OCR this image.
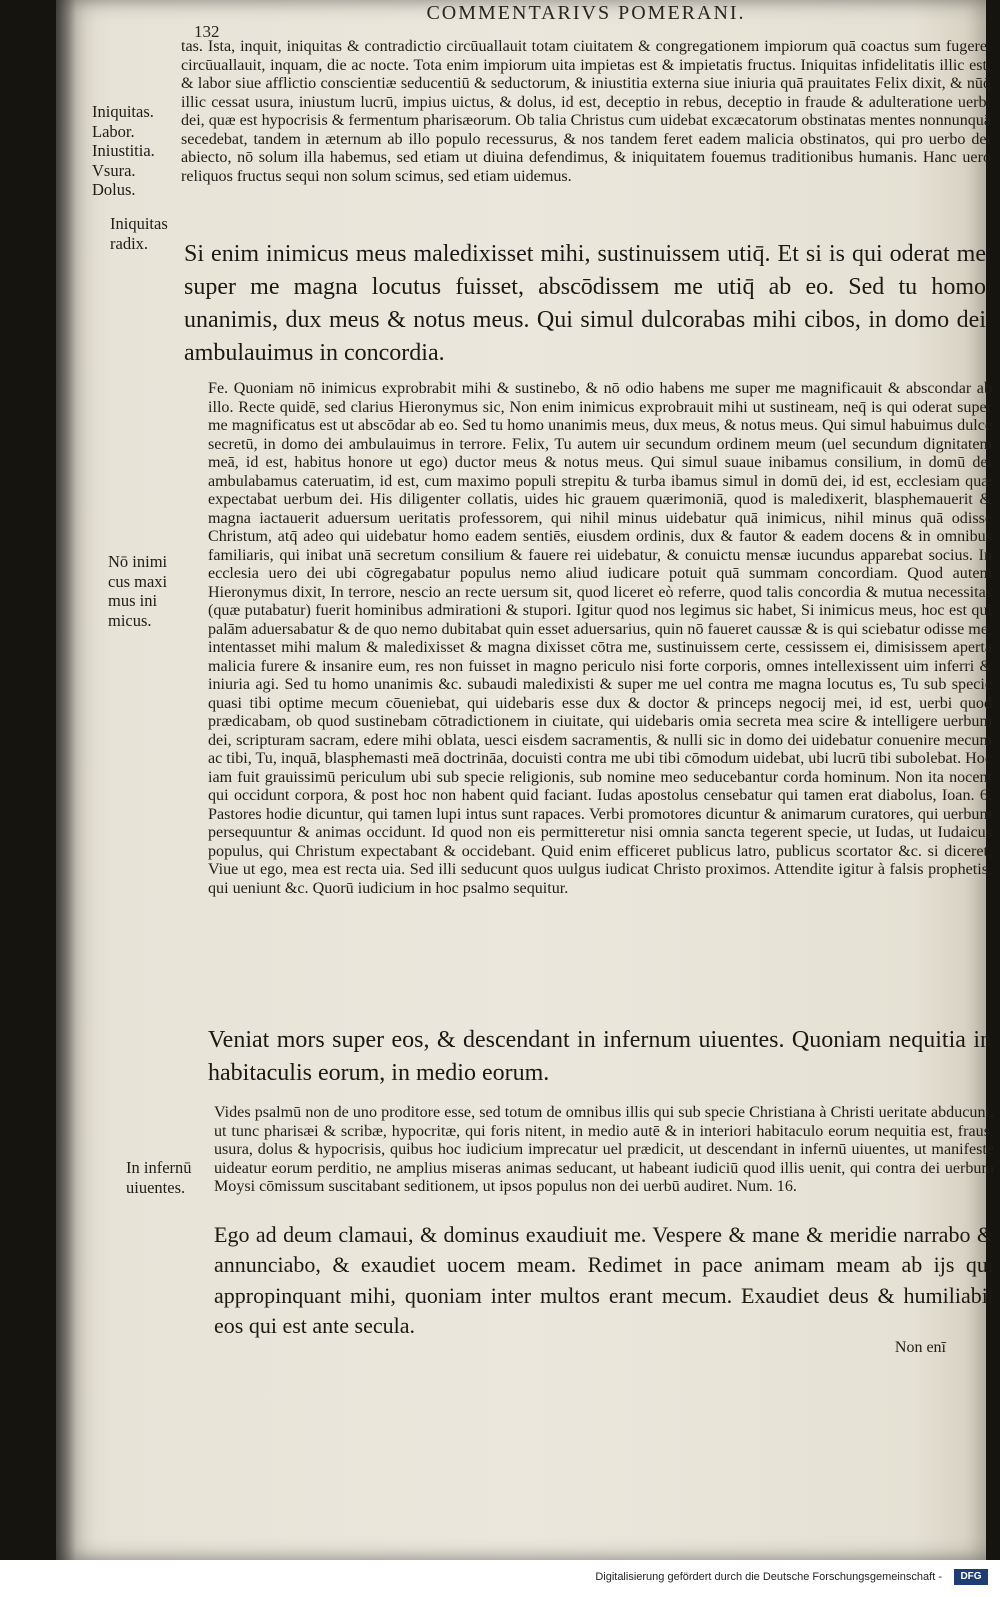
COMMENTARIVS POMERANI.
132
Iniquitas.
Labor.
Iniustitia.
Vsura.
Dolus.
Iniquitas
radix.
Nō inimi
cus maxi
mus ini
micus.
In infernū
uiuentes.

tas. Ista, inquit, iniquitas & contradictio circūuallauit totam ciuitatem & congregationem impiorum quā coactus sum fugere, circūuallauit, inquam, die ac nocte. Tota enim impiorum uita impietas est & impietatis fructus. Iniquitas infidelitatis illic est, & labor siue afflictio conscientiæ seducentiū & seductorum, & iniustitia externa siue iniuria quā prauitates Felix dixit, & nūq̄ illic cessat usura, iniustum lucrū, impius uictus, & dolus, id est, deceptio in rebus, deceptio in fraude & adulteratione uerbi dei, quæ est hypocrisis & fermentum pharisæorum. Ob talia Christus cum uidebat excæcatorum obstinatas mentes nonnunquā secedebat, tandem in æternum ab illo populo recessurus, & nos tandem feret eadem malicia obstinatos, qui pro uerbo dei abiecto, nō solum illa habemus, sed etiam ut diuina defendimus, & iniquitatem fouemus traditionibus humanis. Hanc uero reliquos fructus sequi non solum scimus, sed etiam uidemus.

Si enim inimicus meus maledixisset mihi, sustinuissem utiq̄. Et si is qui oderat me super me magna locutus fuisset, abscōdissem me utiq̄ ab eo. Sed tu homo unanimis, dux meus & notus meus. Qui simul dulcorabas mihi cibos, in domo dei ambulauimus in concordia.

Fe. Quoniam nō inimicus exprobrabit mihi & sustinebo, & nō odio habens me super me magnificauit & abscondar ab illo. Recte quidē, sed clarius Hieronymus sic, Non enim inimicus exprobrauit mihi ut sustineam, neq̄ is qui oderat super me magnificatus est ut abscōdar ab eo. Sed tu homo unanimis meus, dux meus, & notus meus. Qui simul habuimus dulce secretū, in domo dei ambulauimus in terrore. Felix, Tu autem uir secundum ordinem meum (uel secundum dignitatem meā, id est, habitus honore ut ego) ductor meus & notus meus. Qui simul suaue inibamus consilium, in domū dei ambulabamus cateruatim, id est, cum maximo populi strepitu & turba ibamus simul in domū dei, id est, ecclesiam quæ expectabat uerbum dei. His diligenter collatis, uides hic grauem quærimoniā, quod is maledixerit, blasphemauerit & magna iactauerit aduersum ueritatis professorem, qui nihil minus uidebatur quā inimicus, nihil minus quā odisse Christum, atq̄ adeo qui uidebatur homo eadem sentiēs, eiusdem ordinis, dux & fautor & eadem docens & in omnibus familiaris, qui inibat unā secretum consilium & fauere rei uidebatur, & conuictu mensæ iucundus apparebat socius. In ecclesia uero dei ubi cōgregabatur populus nemo aliud iudicare potuit quā summam concordiam. Quod autem Hieronymus dixit, In terrore, nescio an recte uersum sit, quod liceret eò referre, quod talis concordia & mutua necessitas (quæ putabatur) fuerit hominibus admirationi & stupori. Igitur quod nos legimus sic habet, Si inimicus meus, hoc est qui palām aduersabatur & de quo nemo dubitabat quin esset aduersarius, quin nō faueret caussæ & is qui sciebatur odisse me, intentasset mihi malum & maledixisset & magna dixisset cōtra me, sustinuissem certe, cessissem ei, dimisissem aperta malicia furere & insanire eum, res non fuisset in magno periculo nisi forte corporis, omnes intellexissent uim inferri & iniuria agi. Sed tu homo unanimis &c. subaudi maledixisti & super me uel contra me magna locutus es, Tu sub specie quasi tibi optime mecum cōueniebat, qui uidebaris esse dux & doctor & princeps negocij mei, id est, uerbi quod prædicabam, ob quod sustinebam cōtradictionem in ciuitate, qui uidebaris omia secreta mea scire & intelligere uerbum dei, scripturam sacram, edere mihi oblata, uesci eisdem sacramentis, & nulli sic in domo dei uidebatur conuenire mecum ac tibi, Tu, inquā, blasphemasti meā doctrināa, docuisti contra me ubi tibi cōmodum uidebat, ubi lucrū tibi subolebat. Hoc iam fuit grauissimū periculum ubi sub specie religionis, sub nomine meo seducebantur corda hominum. Non ita nocent qui occidunt corpora, & post hoc non habent quid faciant. Iudas apostolus censebatur qui tamen erat diabolus, Ioan. 6. Pastores hodie dicuntur, qui tamen lupi intus sunt rapaces. Verbi promotores dicuntur & animarum curatores, qui uerbum persequuntur & animas occidunt. Id quod non eis permitteretur nisi omnia sancta tegerent specie, ut Iudas, ut Iudaicus populus, qui Christum expectabant & occidebant. Quid enim efficeret publicus latro, publicus scortator &c. si diceret, Viue ut ego, mea est recta uia. Sed illi seducunt quos uulgus iudicat Christo proximos. Attendite igitur à falsis prophetis, qui ueniunt &c. Quorū iudicium in hoc psalmo sequitur.

Veniat mors super eos, & descendant in infernum uiuentes. Quoniam nequitia in habitaculis eorum, in medio eorum.

Vides psalmū non de uno proditore esse, sed totum de omnibus illis qui sub specie Christiana à Christi ueritate abducunt, ut tunc pharisæi & scribæ, hypocritæ, qui foris nitent, in medio autē & in interiori habitaculo eorum nequitia est, fraus, usura, dolus & hypocrisis, quibus hoc iudicium imprecatur uel prædicit, ut descendant in infernū uiuentes, ut manifeste uideatur eorum perditio, ne amplius miseras animas seducant, ut habeant iudiciū quod illis uenit, qui contra dei uerbum Moysi cōmissum suscitabant seditionem, ut ipsos populus non dei uerbū audiret. Num. 16.

Ego ad deum clamaui, & dominus exaudiuit me. Vespere & mane & meridie narrabo & annunciabo, & exaudiet uocem meam. Redimet in pace animam meam ab ijs qui appropinquant mihi, quoniam inter multos erant mecum. Exaudiet deus & humiliabit eos qui est ante secula.

Non enī
Digitalisierung gefördert durch die Deutsche Forschungsgemeinschaft -	DFG
